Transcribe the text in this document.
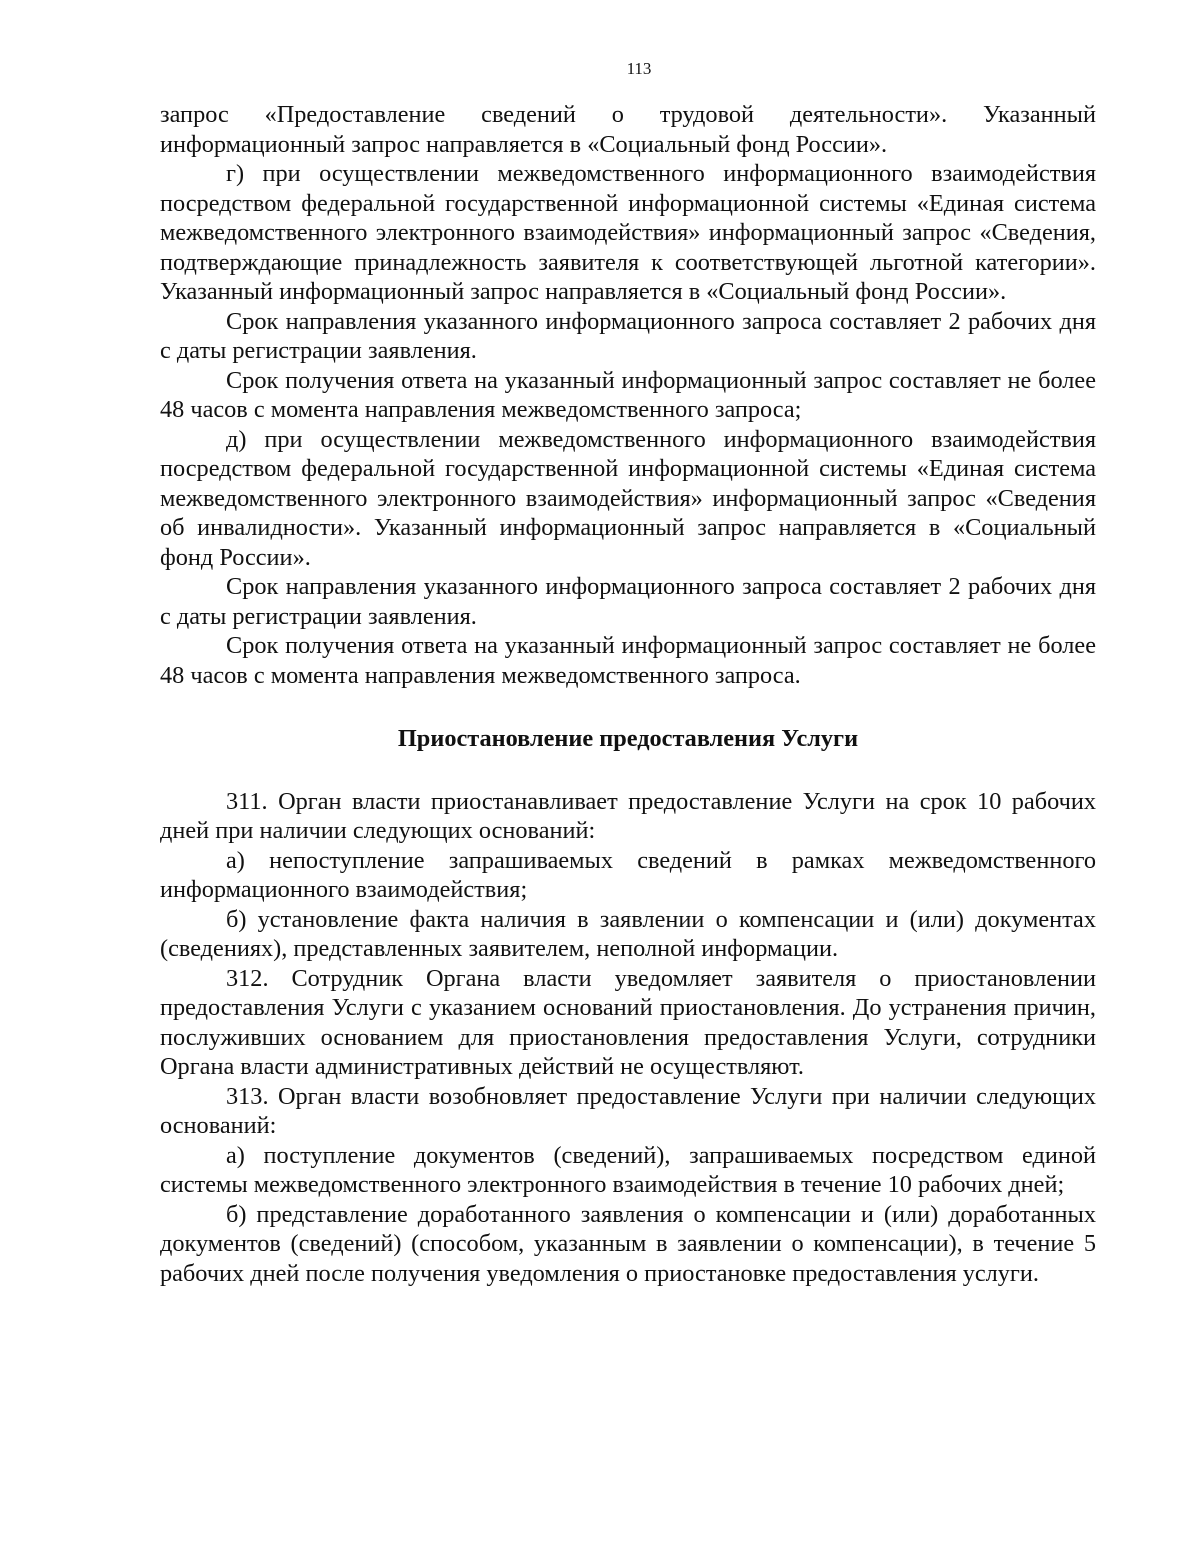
113

запрос «Предоставление сведений о трудовой деятельности». Указанный информационный запрос направляется в «Социальный фонд России».

г) при осуществлении межведомственного информационного взаимодействия посредством федеральной государственной информационной системы «Единая система межведомственного электронного взаимодействия» информационный запрос «Сведения, подтверждающие принадлежность заявителя к соответствующей льготной категории». Указанный информационный запрос направляется в «Социальный фонд России».

Срок направления указанного информационного запроса составляет 2 рабочих дня с даты регистрации заявления.

Срок получения ответа на указанный информационный запрос составляет не более 48 часов с момента направления межведомственного запроса;

д) при осуществлении межведомственного информационного взаимодействия посредством федеральной государственной информационной системы «Единая система межведомственного электронного взаимодействия» информационный запрос «Сведения об инвалидности». Указанный информационный запрос направляется в «Социальный фонд России».

Срок направления указанного информационного запроса составляет 2 рабочих дня с даты регистрации заявления.

Срок получения ответа на указанный информационный запрос составляет не более 48 часов с момента направления межведомственного запроса.

Приостановление предоставления Услуги

311. Орган власти приостанавливает предоставление Услуги на срок 10 рабочих дней при наличии следующих оснований:

а) непоступление запрашиваемых сведений в рамках межведомственного информационного взаимодействия;

б) установление факта наличия в заявлении о компенсации и (или) документах (сведениях), представленных заявителем, неполной информации.

312. Сотрудник Органа власти уведомляет заявителя о приостановлении предоставления Услуги с указанием оснований приостановления. До устранения причин, послуживших основанием для приостановления предоставления Услуги, сотрудники Органа власти административных действий не осуществляют.

313. Орган власти возобновляет предоставление Услуги при наличии следующих оснований:

а) поступление документов (сведений), запрашиваемых посредством единой системы межведомственного электронного взаимодействия в течение 10 рабочих дней;

б) представление доработанного заявления о компенсации и (или) доработанных документов (сведений) (способом, указанным в заявлении о компенсации), в течение 5 рабочих дней после получения уведомления о приостановке предоставления услуги.
